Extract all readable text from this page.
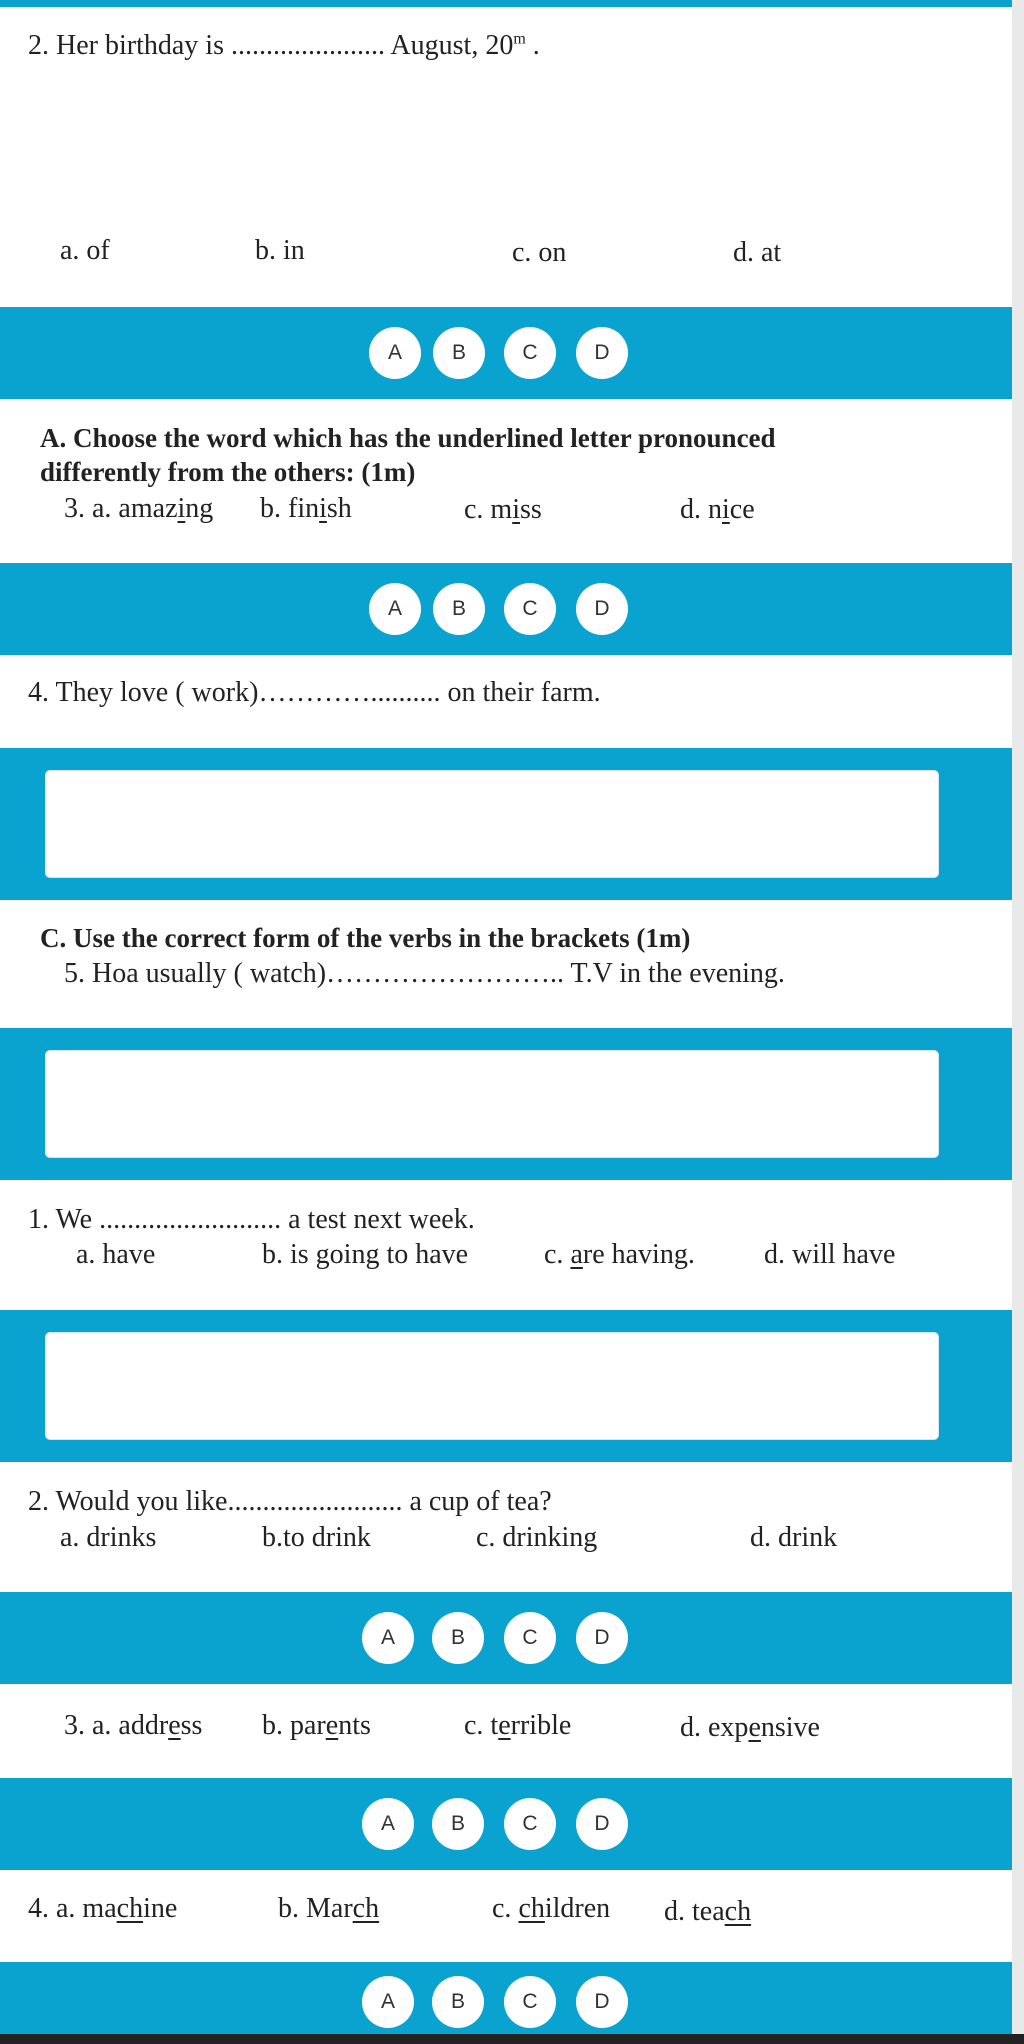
2. Her birthday is ...................... August, 20$^m$ .
a. of	b. in	c. on	d. at
A	B	C	D
A. Choose the word which has the underlined letter pronounced
differently from the others: (1m)
3. a. amazing b. finish	c. miss	d. nice
A	B	C	D
4. They love ( work)………….......... on their farm.
C. Use the correct form of the verbs in the brackets (1m)
5. Hoa usually ( watch)…………………….. T.V in the evening.
1. We .......................... a test next week.
a. have	b. is going to have	c. are having. d. will have
2. Would you like......................... a cup of tea?
a. drinks	b.to drink	c. drinking	d. drink
A	B	C	D
3. a. address b. parents	c. terrible	d. expensive
A	B	C	D
4. a. machine	b. March	c. children d. teach
A	B	C	D
